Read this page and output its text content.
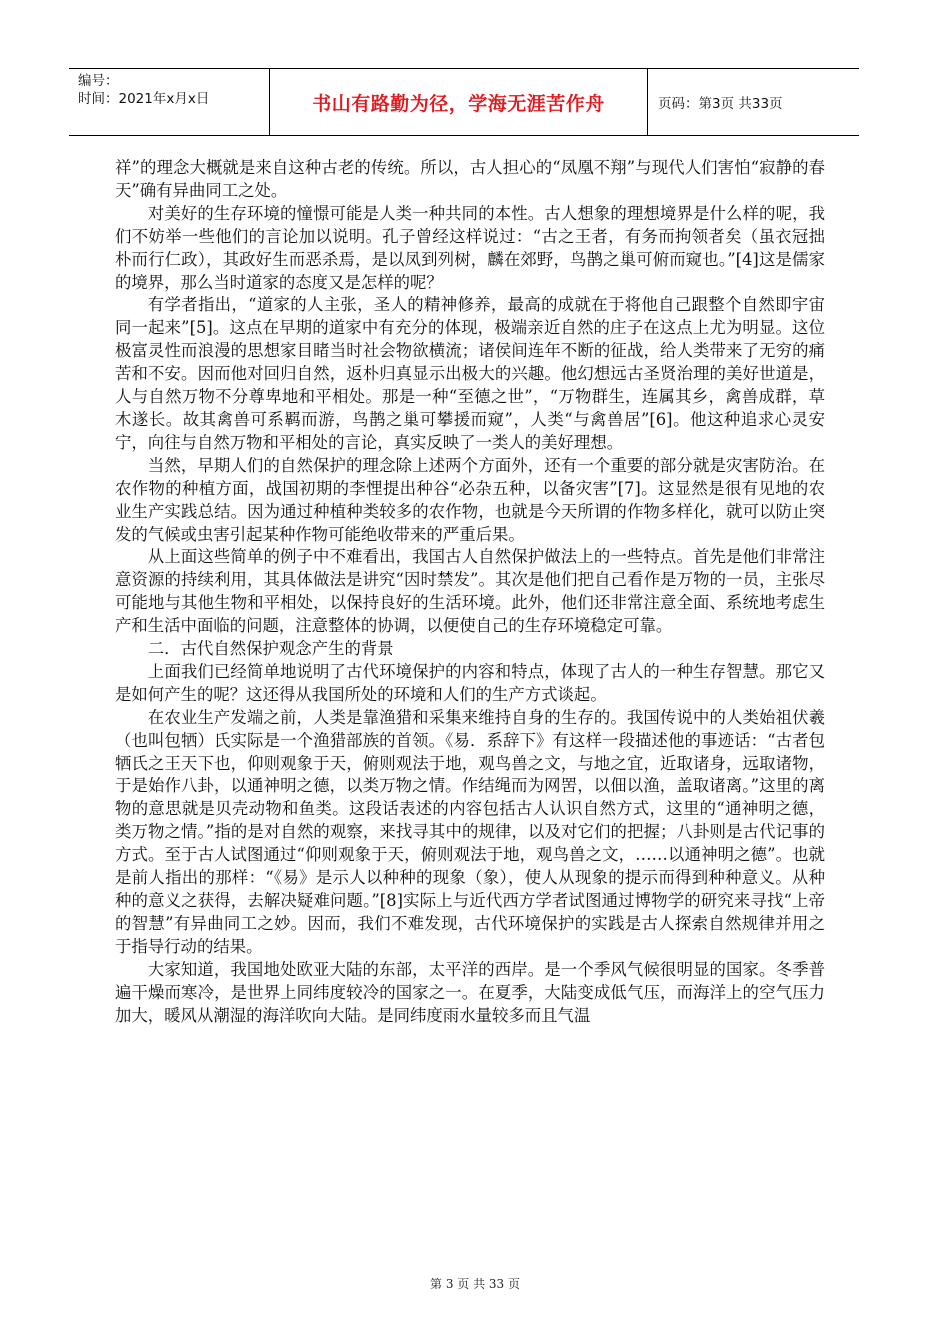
编号：
时间：2021年x月x日	书山有路勤为径，学海无涯苦作舟	页码：第3页 共33页

祥”的理念大概就是来自这种古老的传统。所以，古人担心的“凤凰不翔”与现代人们害怕“寂静的春天”确有异曲同工之处。

对美好的生存环境的憧憬可能是人类一种共同的本性。古人想象的理想境界是什么样的呢，我们不妨举一些他们的言论加以说明。孔子曾经这样说过：“古之王者，有务而拘领者矣（虽衣冠拙朴而行仁政），其政好生而恶杀焉，是以凤到列树，麟在郊野，鸟鹊之巢可俯而窥也。”[4]这是儒家的境界，那么当时道家的态度又是怎样的呢？

有学者指出，“道家的人主张，圣人的精神修养，最高的成就在于将他自己跟整个自然即宇宙同一起来”[5]。这点在早期的道家中有充分的体现，极端亲近自然的庄子在这点上尤为明显。这位极富灵性而浪漫的思想家目睹当时社会物欲横流；诸侯间连年不断的征战，给人类带来了无穷的痛苦和不安。因而他对回归自然，返朴归真显示出极大的兴趣。他幻想远古圣贤治理的美好世道是，人与自然万物不分尊卑地和平相处。那是一种“至德之世”，“万物群生，连属其乡，禽兽成群，草木遂长。故其禽兽可系羁而游，鸟鹊之巢可攀援而窥”，人类“与禽兽居”[6]。他这种追求心灵安宁，向往与自然万物和平相处的言论，真实反映了一类人的美好理想。

当然，早期人们的自然保护的理念除上述两个方面外，还有一个重要的部分就是灾害防治。在农作物的种植方面，战国初期的李悝提出种谷“必杂五种，以备灾害”[7]。这显然是很有见地的农业生产实践总结。因为通过种植种类较多的农作物，也就是今天所谓的作物多样化，就可以防止突发的气候或虫害引起某种作物可能绝收带来的严重后果。

从上面这些简单的例子中不难看出，我国古人自然保护做法上的一些特点。首先是他们非常注意资源的持续利用，其具体做法是讲究“因时禁发”。其次是他们把自己看作是万物的一员，主张尽可能地与其他生物和平相处，以保持良好的生活环境。此外，他们还非常注意全面、系统地考虑生产和生活中面临的问题，注意整体的协调，以便使自己的生存环境稳定可靠。

二．古代自然保护观念产生的背景

上面我们已经简单地说明了古代环境保护的内容和特点，体现了古人的一种生存智慧。那它又是如何产生的呢？这还得从我国所处的环境和人们的生产方式谈起。

在农业生产发端之前，人类是靠渔猎和采集来维持自身的生存的。我国传说中的人类始祖伏羲（也叫包牺）氏实际是一个渔猎部族的首领。《易．系辞下》有这样一段描述他的事迹话：“古者包牺氏之王天下也，仰则观象于天，俯则观法于地，观鸟兽之文，与地之宜，近取诸身，远取诸物，于是始作八卦，以通神明之德，以类万物之情。作结绳而为网罟，以佃以渔，盖取诸离。”这里的离物的意思就是贝壳动物和鱼类。这段话表述的内容包括古人认识自然方式，这里的“通神明之德，类万物之情。”指的是对自然的观察，来找寻其中的规律，以及对它们的把握；八卦则是古代记事的方式。至于古人试图通过“仰则观象于天，俯则观法于地，观鸟兽之文，……以通神明之德”。也就是前人指出的那样：“《易》是示人以种种的现象（象），使人从现象的提示而得到种种意义。从种种的意义之获得，去解决疑难问题。”[8]实际上与近代西方学者试图通过博物学的研究来寻找“上帝的智慧”有异曲同工之妙。因而，我们不难发现，古代环境保护的实践是古人探索自然规律并用之于指导行动的结果。

大家知道，我国地处欧亚大陆的东部，太平洋的西岸。是一个季风气候很明显的国家。冬季普遍干燥而寒冷，是世界上同纬度较冷的国家之一。在夏季，大陆变成低气压，而海洋上的空气压力加大，暖风从潮湿的海洋吹向大陆。是同纬度雨水量较多而且气温

第 3 页 共 33 页
